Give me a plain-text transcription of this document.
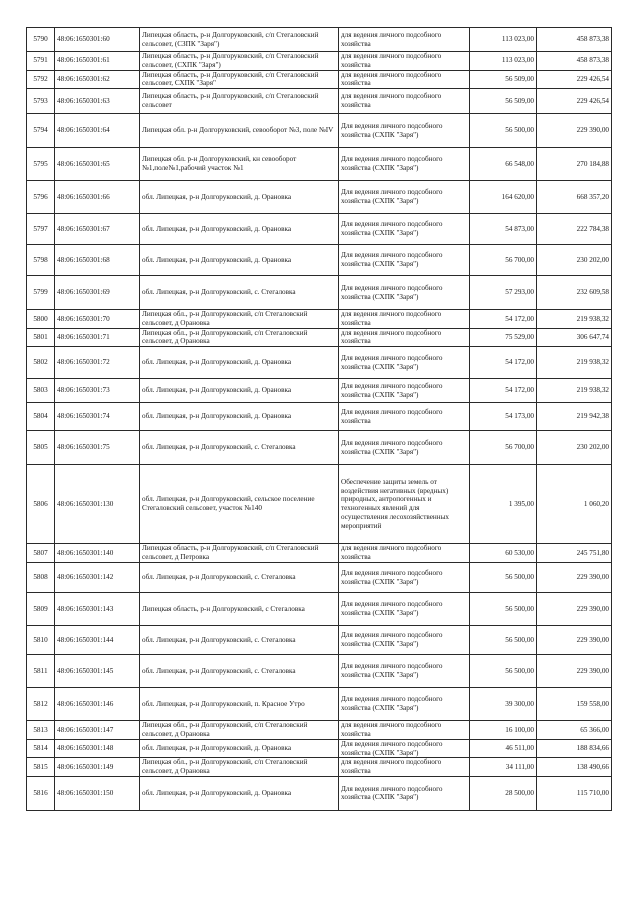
5790	48:06:1650301:60	Липецкая область, р-н Долгоруковский, с/п Стегаловский сельсовет, (СЗПК "Заря")	для ведения личного подсобного хозяйства	113 023,00	458 873,38
5791	48:06:1650301:61	Липецкая область, р-н Долгоруковский, с/п Стегаловский сельсовет, (СХПК "Заря")	для ведения личного подсобного хозяйства	113 023,00	458 873,38
5792	48:06:1650301:62	Липецкая область, р-н Долгоруковский, с/п Стегаловский сельсовет, СХПК "Заря"	для ведения личного подсобного хозяйства	56 509,00	229 426,54
5793	48:06:1650301:63	Липецкая область, р-н Долгоруковский, с/п Стегаловский сельсовет	для ведения личного подсобного хозяйства	56 509,00	229 426,54
5794	48:06:1650301:64	Липецкая обл. р-н Долгоруковский, севооборот №3, поле №IV	Для ведения личного подсобного хозяйства (СХПК "Заря")	56 500,00	229 390,00
5795	48:06:1650301:65	Липецкая обл. р-н Долгоруковский, кн севооборот №1,поле№1,рабочий участок №1	Для ведения личного подсобного хозяйства (СХПК "Заря")	66 548,00	270 184,88
5796	48:06:1650301:66	обл. Липецкая, р-н Долгоруковский, д. Орановка	Для ведения личного подсобного хозяйства (СХПК "Заря")	164 620,00	668 357,20
5797	48:06:1650301:67	обл. Липецкая, р-н Долгоруковский, д. Орановка	Для ведения личного подсобного хозяйства (СХПК "Заря")	54 873,00	222 784,38
5798	48:06:1650301:68	обл. Липецкая, р-н Долгоруковский, д. Орановка	Для ведения личного подсобного хозяйства (СХПК "Заря")	56 700,00	230 202,00
5799	48:06:1650301:69	обл. Липецкая, р-н Долгоруковский, с. Стегаловка	Для ведения личного подсобного хозяйства (СХПК "Заря")	57 293,00	232 609,58
5800	48:06:1650301:70	Липецкая обл., р-н Долгоруковский, с/п Стегаловский сельсовет, д Орановка	для ведения личного подсобного хозяйства	54 172,00	219 938,32
5801	48:06:1650301:71	Липецкая обл., р-н Долгоруковский, с/п Стегаловский сельсовет, д Орановка	для ведения личного подсобного хозяйства	75 529,00	306 647,74
5802	48:06:1650301:72	обл. Липецкая, р-н Долгоруковский, д. Орановка	Для ведения личного подсобного хозяйства (СХПК "Заря")	54 172,00	219 938,32
5803	48:06:1650301:73	обл. Липецкая, р-н Долгоруковский, д. Орановка	Для ведения личного подсобного хозяйства (СХПК "Заря")	54 172,00	219 938,32
5804	48:06:1650301:74	обл. Липецкая, р-н Долгоруковский, д. Орановка	Для ведения личного подсобного хозяйства	54 173,00	219 942,38
5805	48:06:1650301:75	обл. Липецкая, р-н Долгоруковский, с. Стегаловка	Для ведения личного подсобного хозяйства (СХПК "Заря")	56 700,00	230 202,00
5806	48:06:1650301:130	обл. Липецкая, р-н Долгоруковский, сельское поселение Стегаловский сельсовет, участок №140	Обеспечение защиты земель от воздействия негативных (вредных) природных, антропогенных и техногенных явлений для осуществления лесохозяйственных мероприятий	1 395,00	1 060,20
5807	48:06:1650301:140	Липецкая область, р-н Долгоруковский, с/п Стегаловский сельсовет, д Петровка	для ведения личного подсобного хозяйства	60 530,00	245 751,80
5808	48:06:1650301:142	обл. Липецкая, р-н Долгоруковский, с. Стегаловка	Для ведения личного подсобного хозяйства (СХПК "Заря")	56 500,00	229 390,00
5809	48:06:1650301:143	Липецкая область, р-н Долгоруковский, с Стегаловка	Для ведения личного подсобного хозяйства (СХПК "Заря")	56 500,00	229 390,00
5810	48:06:1650301:144	обл. Липецкая, р-н Долгоруковский, с. Стегаловка	Для ведения личного подсобного хозяйства (СХПК "Заря")	56 500,00	229 390,00
5811	48:06:1650301:145	обл. Липецкая, р-н Долгоруковский, с. Стегаловка	Для ведения личного подсобного хозяйства (СХПК "Заря")	56 500,00	229 390,00
5812	48:06:1650301:146	обл. Липецкая, р-н Долгоруковский, п. Красное Утро	Для ведения личного подсобного хозяйства (СХПК "Заря")	39 300,00	159 558,00
5813	48:06:1650301:147	Липецкая обл., р-н Долгоруковский, с/п Стегаловский сельсовет, д Орановка	для ведения личного подсобного хозяйства	16 100,00	65 366,00
5814	48:06:1650301:148	обл. Липецкая, р-н Долгоруковский, д. Орановка	Для ведения личного подсобного хозяйства (СХПК "Заря")	46 511,00	188 834,66
5815	48:06:1650301:149	Липецкая обл., р-н Долгоруковский, с/п Стегаловский сельсовет, д Орановка	для ведения личного подсобного хозяйства	34 111,00	138 490,66
5816	48:06:1650301:150	обл. Липецкая, р-н Долгоруковский, д. Орановка	Для ведения личного подсобного хозяйства (СХПК "Заря")	28 500,00	115 710,00
